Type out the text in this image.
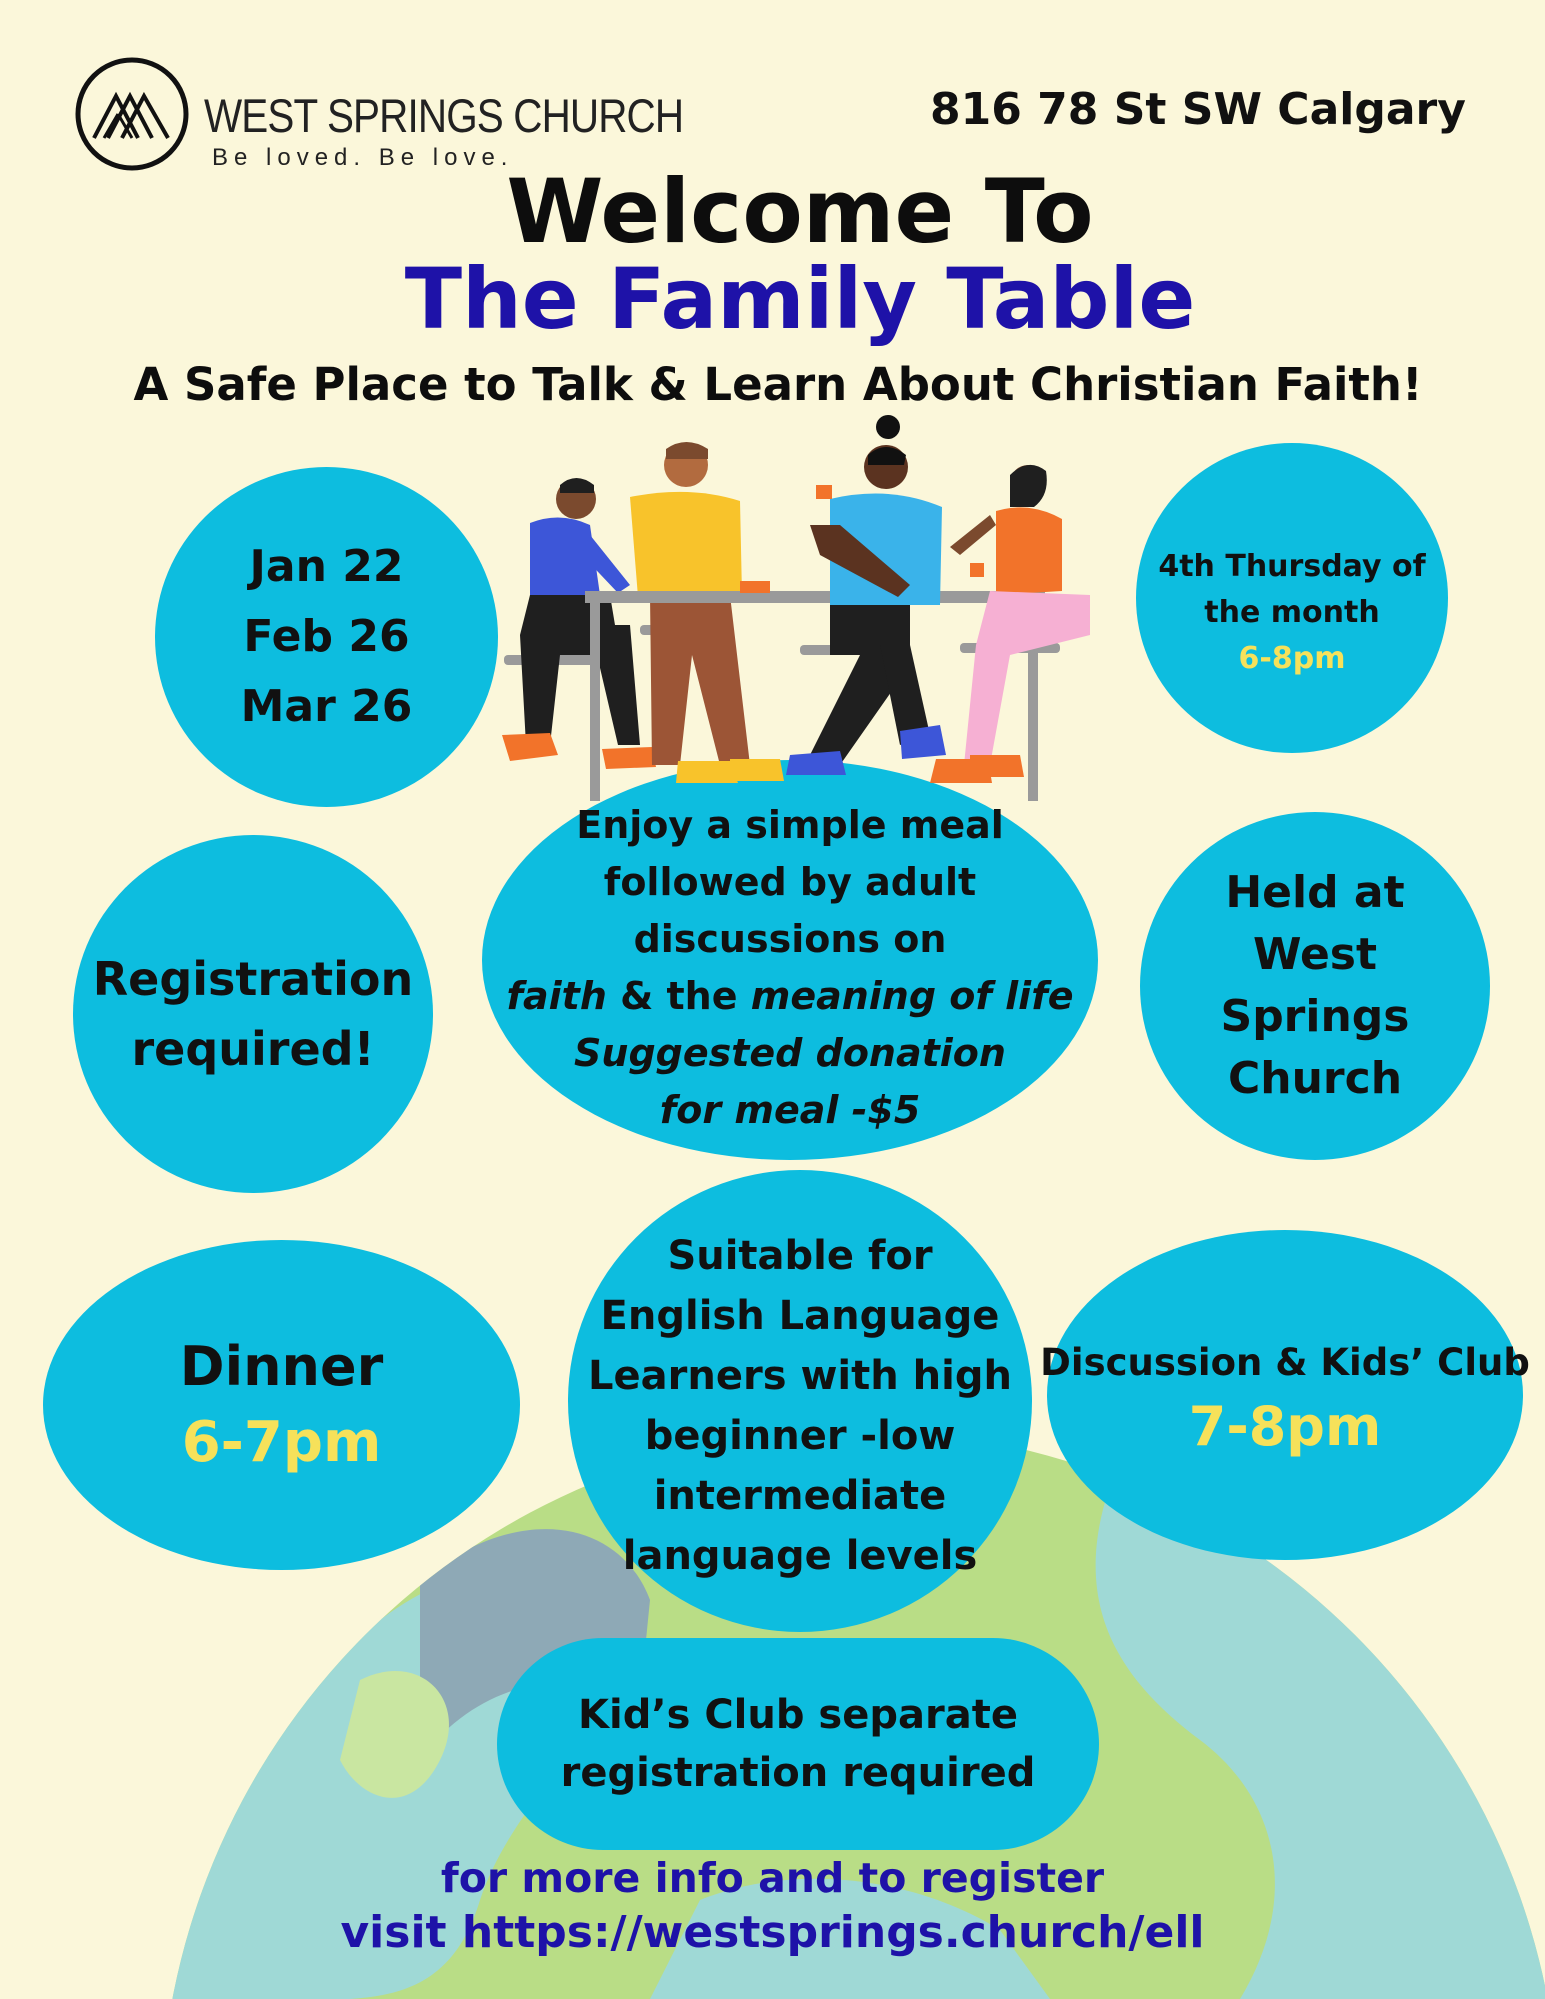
WEST SPRINGS CHURCH
Be loved. Be love.
816 78 St SW Calgary
Welcome To
The Family Table
A Safe Place to Talk & Learn About Christian Faith!
Jan 22
Feb 26
Mar 26
4th Thursday of
the month
6-8pm
Enjoy a simple meal
followed by adult
discussions on
faith & the meaning of life
Suggested donation
for meal -$5
Registration
required!
Held at
West
Springs
Church
Dinner
6-7pm
Suitable for
English Language
Learners with high
beginner -low
intermediate
language levels
Discussion & Kids’ Club
7-8pm
Kid’s Club separate
registration required
for more info and to register
visit https://westsprings.church/ell
